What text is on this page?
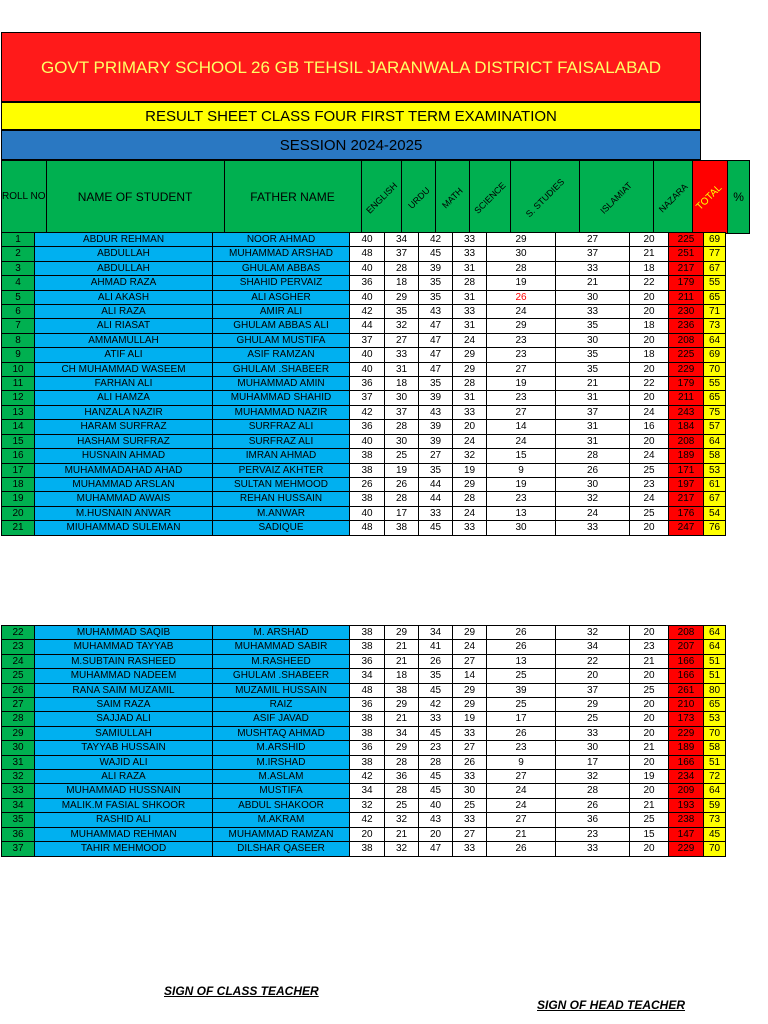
GOVT PRIMARY SCHOOL 26 GB TEHSIL JARANWALA DISTRICT FAISALABAD
RESULT SHEET CLASS FOUR FIRST TERM EXAMINATION
SESSION 2024-2025
ROLL NO	NAME OF STUDENT	FATHER NAME	ENGLISH	URDU	MATH	SCIENCE	S. STUDIES	ISLAMIAT	NAZARA	TOTAL	%
1	ABDUR REHMAN	NOOR AHMAD	40	34	42	33	29	27	20	225	69
2	ABDULLAH	MUHAMMAD ARSHAD	48	37	45	33	30	37	21	251	77
3	ABDULLAH	GHULAM ABBAS	40	28	39	31	28	33	18	217	67
4	AHMAD RAZA	SHAHID PERVAIZ	36	18	35	28	19	21	22	179	55
5	ALI AKASH	ALI ASGHER	40	29	35	31	26	30	20	211	65
6	ALI RAZA	AMIR ALI	42	35	43	33	24	33	20	230	71
7	ALI RIASAT	GHULAM ABBAS ALI	44	32	47	31	29	35	18	236	73
8	AMMAMULLAH	GHULAM MUSTIFA	37	27	47	24	23	30	20	208	64
9	ATIF ALI	ASIF RAMZAN	40	33	47	29	23	35	18	225	69
10	CH MUHAMMAD WASEEM	GHULAM .SHABEER	40	31	47	29	27	35	20	229	70
11	FARHAN ALI	MUHAMMAD AMIN	36	18	35	28	19	21	22	179	55
12	ALI HAMZA	MUHAMMAD SHAHID	37	30	39	31	23	31	20	211	65
13	HANZALA NAZIR	MUHAMMAD NAZIR	42	37	43	33	27	37	24	243	75
14	HARAM SURFRAZ	SURFRAZ ALI	36	28	39	20	14	31	16	184	57
15	HASHAM SURFRAZ	SURFRAZ ALI	40	30	39	24	24	31	20	208	64
16	HUSNAIN AHMAD	IMRAN AHMAD	38	25	27	32	15	28	24	189	58
17	MUHAMMADAHAD AHAD	PERVAIZ AKHTER	38	19	35	19	9	26	25	171	53
18	MUHAMMAD ARSLAN	SULTAN MEHMOOD	26	26	44	29	19	30	23	197	61
19	MUHAMMAD AWAIS	REHAN HUSSAIN	38	28	44	28	23	32	24	217	67
20	M.HUSNAIN ANWAR	M.ANWAR	40	17	33	24	13	24	25	176	54
21	MIUHAMMAD SULEMAN	SADIQUE	48	38	45	33	30	33	20	247	76
22	MUHAMMAD SAQIB	M. ARSHAD	38	29	34	29	26	32	20	208	64
23	MUHAMMAD TAYYAB	MUHAMMAD SABIR	38	21	41	24	26	34	23	207	64
24	M.SUBTAIN RASHEED	M.RASHEED	36	21	26	27	13	22	21	166	51
25	MUHAMMAD NADEEM	GHULAM .SHABEER	34	18	35	14	25	20	20	166	51
26	RANA SAIM MUZAMIL	MUZAMIL HUSSAIN	48	38	45	29	39	37	25	261	80
27	SAIM RAZA	RAIZ	36	29	42	29	25	29	20	210	65
28	SAJJAD ALI	ASIF JAVAD	38	21	33	19	17	25	20	173	53
29	SAMIULLAH	MUSHTAQ AHMAD	38	34	45	33	26	33	20	229	70
30	TAYYAB HUSSAIN	M.ARSHID	36	29	23	27	23	30	21	189	58
31	WAJID ALI	M.IRSHAD	38	28	28	26	9	17	20	166	51
32	ALI RAZA	M.ASLAM	42	36	45	33	27	32	19	234	72
33	MUHAMMAD HUSSNAIN	MUSTIFA	34	28	45	30	24	28	20	209	64
34	MALIK.M FASIAL SHKOOR	ABDUL SHAKOOR	32	25	40	25	24	26	21	193	59
35	RASHID ALI	M.AKRAM	42	32	43	33	27	36	25	238	73
36	MUHAMMAD REHMAN	MUHAMMAD RAMZAN	20	21	20	27	21	23	15	147	45
37	TAHIR MEHMOOD	DILSHAR QASEER	38	32	47	33	26	33	20	229	70
SIGN OF CLASS TEACHER
SIGN OF HEAD TEACHER
